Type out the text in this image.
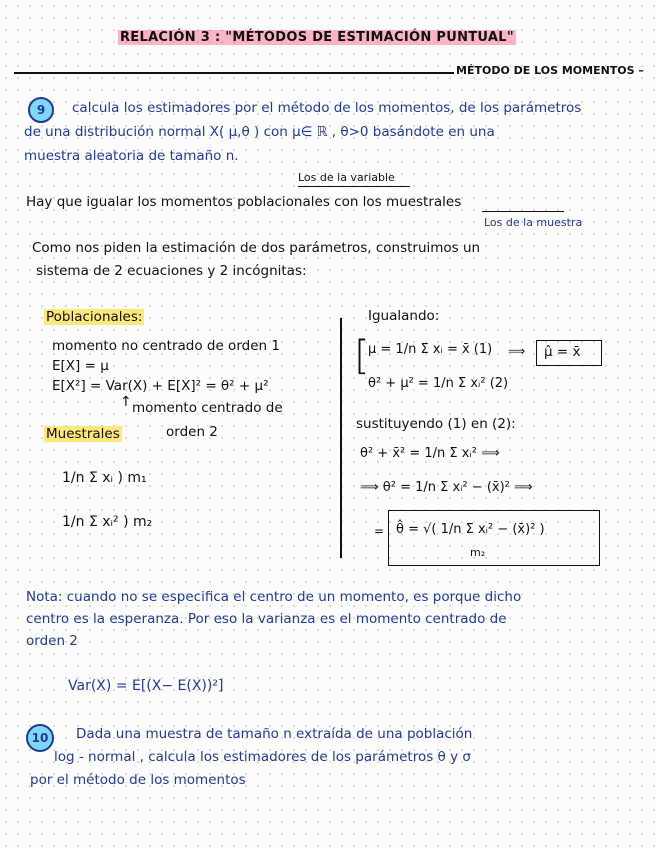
RELACIÓN 3 : "MÉTODOS DE ESTIMACIÓN PUNTUAL"
MÉTODO DE LOS MOMENTOS –
9	calcula los estimadores por el método de los momentos, de los parámetros
de una distribución normal X( μ,θ ) con μ∈ ℝ , θ>0 basándote en una
muestra aleatoria de tamaño n.
Los de la variable
Hay que igualar los momentos poblacionales con los muestrales
Los de la muestra
Como nos piden la estimación de dos parámetros, construimos un
sistema de 2 ecuaciones y 2 incógnitas:
Poblacionales:
momento no centrado de orden 1
E[X] = μ
E[X²] = Var(X) + E[X]² = θ² + μ²
↑ momento centrado de
Muestrales	orden 2
1/n Σ xᵢ ) m₁
1/n Σ xᵢ² ) m₂
Igualando:
[
μ = 1/n Σ xᵢ = x̄ (1) ⟹ μ̂ = x̄
θ² + μ² = 1/n Σ xᵢ² (2)
sustituyendo (1) en (2):
θ² + x̄² = 1/n Σ xᵢ² ⟹
⟹ θ² = 1/n Σ xᵢ² − (x̄)² ⟹
= θ̂ = √( 1/n Σ xᵢ² − (x̄)² )
m₂
Nota: cuando no se especifica el centro de un momento, es porque dicho
centro es la esperanza. Por eso la varianza es el momento centrado de
orden 2
Var(X) = E[(X− E(X))²]
10	Dada una muestra de tamaño n extraída de una población
log - normal , calcula los estimadores de los parámetros θ y σ
por el método de los momentos
